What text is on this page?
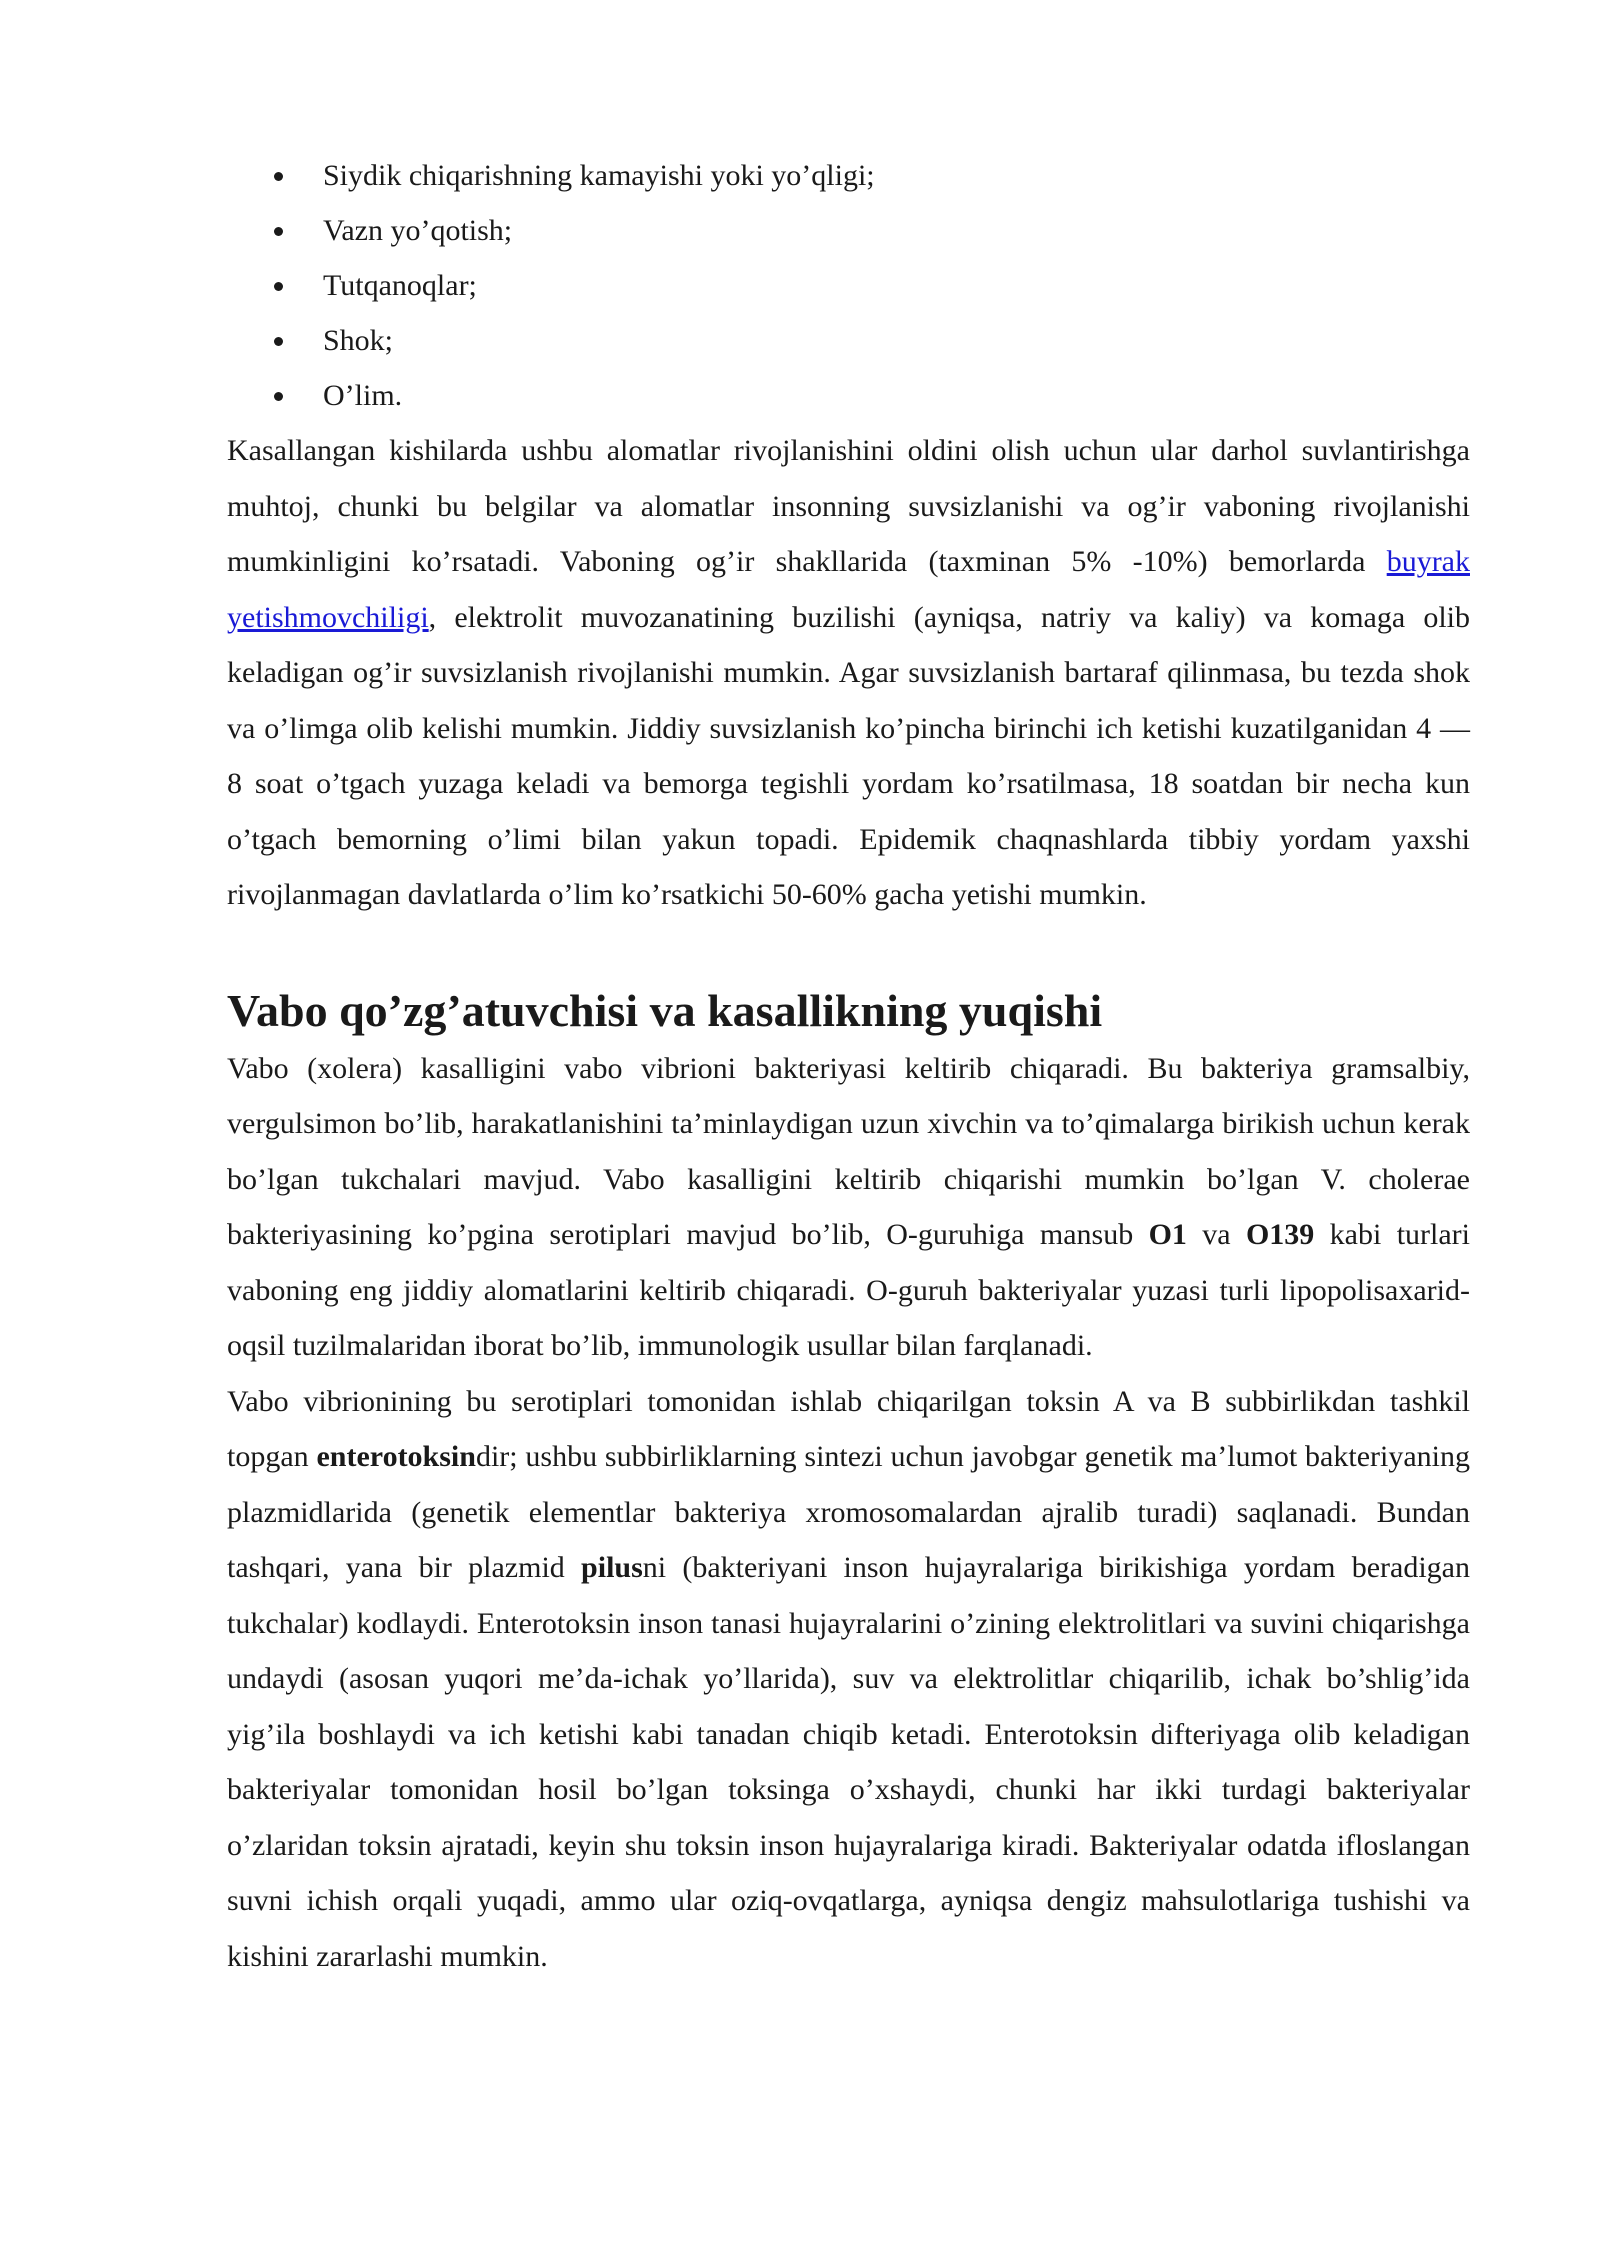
Siydik chiqarishning kamayishi yoki yo’qligi;
Vazn yo’qotish;
Tutqanoqlar;
Shok;
O’lim.

Kasallangan kishilarda ushbu alomatlar rivojlanishini oldini olish uchun ular darhol suvlantirishga muhtoj, chunki bu belgilar va alomatlar insonning suvsizlanishi va og’ir vaboning rivojlanishi mumkinligini ko’rsatadi. Vaboning og’ir shakllarida (taxminan 5% -10%) bemorlarda buyrak yetishmovchiligi, elektrolit muvozanatining buzilishi (ayniqsa, natriy va kaliy) va komaga olib keladigan og’ir suvsizlanish rivojlanishi mumkin. Agar suvsizlanish bartaraf qilinmasa, bu tezda shok va o’limga olib kelishi mumkin. Jiddiy suvsizlanish ko’pincha birinchi ich ketishi kuzatilganidan 4 — 8 soat o’tgach yuzaga keladi va bemorga tegishli yordam ko’rsatilmasa, 18 soatdan bir necha kun o’tgach bemorning o’limi bilan yakun topadi. Epidemik chaqnashlarda tibbiy yordam yaxshi rivojlanmagan davlatlarda o’lim ko’rsatkichi 50-60% gacha yetishi mumkin.

Vabo qo’zg’atuvchisi va kasallikning yuqishi

Vabo (xolera) kasalligini vabo vibrioni bakteriyasi keltirib chiqaradi. Bu bakteriya gramsalbiy, vergulsimon bo’lib, harakatlanishini ta’minlaydigan uzun xivchin va to’qimalarga birikish uchun kerak bo’lgan tukchalari mavjud. Vabo kasalligini keltirib chiqarishi mumkin bo’lgan V. cholerae bakteriyasining ko’pgina serotiplari mavjud bo’lib, O-guruhiga mansub O1 va O139 kabi turlari vaboning eng jiddiy alomatlarini keltirib chiqaradi. O-guruh bakteriyalar yuzasi turli lipopolisaxarid-oqsil tuzilmalaridan iborat bo’lib, immunologik usullar bilan farqlanadi.

Vabo vibrionining bu serotiplari tomonidan ishlab chiqarilgan toksin A va B subbirlikdan tashkil topgan enterotoksindir; ushbu subbirliklarning sintezi uchun javobgar genetik ma’lumot bakteriyaning plazmidlarida (genetik elementlar bakteriya xromosomalardan ajralib turadi) saqlanadi. Bundan tashqari, yana bir plazmid pilusni (bakteriyani inson hujayralariga birikishiga yordam beradigan tukchalar) kodlaydi. Enterotoksin inson tanasi hujayralarini o’zining elektrolitlari va suvini chiqarishga undaydi (asosan yuqori me’da-ichak yo’llarida), suv va elektrolitlar chiqarilib, ichak bo’shlig’ida yig’ila boshlaydi va ich ketishi kabi tanadan chiqib ketadi. Enterotoksin difteriyaga olib keladigan bakteriyalar tomonidan hosil bo’lgan toksinga o’xshaydi, chunki har ikki turdagi bakteriyalar o’zlaridan toksin ajratadi, keyin shu toksin inson hujayralariga kiradi. Bakteriyalar odatda ifloslangan suvni ichish orqali yuqadi, ammo ular oziq-ovqatlarga, ayniqsa dengiz mahsulotlariga tushishi va kishini zararlashi mumkin.
